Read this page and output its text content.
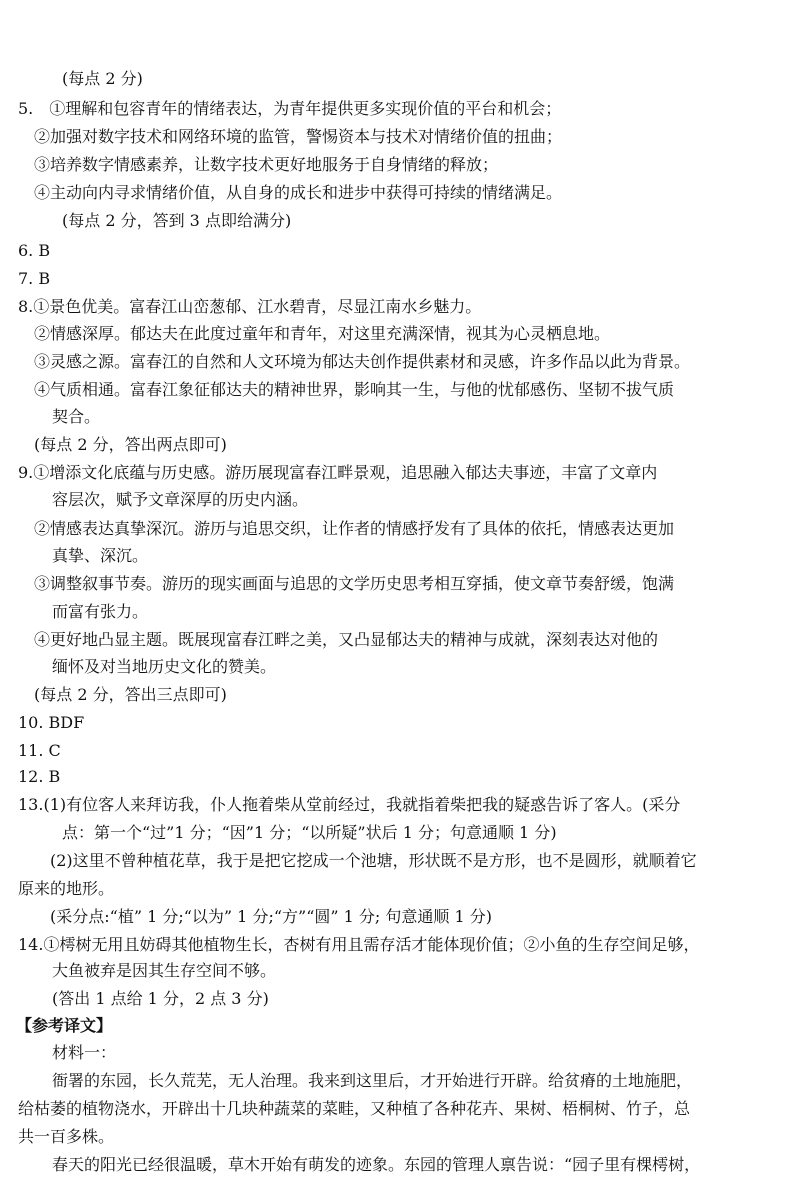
(每点 2 分)
5.　①理解和包容青年的情绪表达，为青年提供更多实现价值的平台和机会；
②加强对数字技术和网络环境的监管，警惕资本与技术对情绪价值的扭曲；
③培养数字情感素养，让数字技术更好地服务于自身情绪的释放；
④主动向内寻求情绪价值，从自身的成长和进步中获得可持续的情绪满足。
(每点 2 分，答到 3 点即给满分)
6. B
7. B
8.①景色优美。富春江山峦葱郁、江水碧青，尽显江南水乡魅力。
②情感深厚。郁达夫在此度过童年和青年，对这里充满深情，视其为心灵栖息地。
③灵感之源。富春江的自然和人文环境为郁达夫创作提供素材和灵感，许多作品以此为背景。
④气质相通。富春江象征郁达夫的精神世界，影响其一生，与他的忧郁感伤、坚韧不拔气质
契合。
(每点 2 分，答出两点即可)
9.①增添文化底蕴与历史感。游历展现富春江畔景观，追思融入郁达夫事迹，丰富了文章内
容层次，赋予文章深厚的历史内涵。
②情感表达真挚深沉。游历与追思交织，让作者的情感抒发有了具体的依托，情感表达更加
真挚、深沉。
③调整叙事节奏。游历的现实画面与追思的文学历史思考相互穿插，使文章节奏舒缓，饱满
而富有张力。
④更好地凸显主题。既展现富春江畔之美，又凸显郁达夫的精神与成就，深刻表达对他的
缅怀及对当地历史文化的赞美。
(每点 2 分，答出三点即可)
10. BDF
11. C
12. B
13.(1)有位客人来拜访我，仆人拖着柴从堂前经过，我就指着柴把我的疑惑告诉了客人。(采分
点：第一个“过”1 分；“因”1 分；“以所疑”状后 1 分；句意通顺 1 分)
(2)这里不曾种植花草，我于是把它挖成一个池塘，形状既不是方形，也不是圆形，就顺着它
原来的地形。
(采分点:“植” 1 分;“以为” 1 分;“方”“圆” 1 分; 句意通顺 1 分)
14.①樗树无用且妨碍其他植物生长，杏树有用且需存活才能体现价值；②小鱼的生存空间足够，
大鱼被弃是因其生存空间不够。
(答出 1 点给 1 分，2 点 3 分)
【参考译文】
材料一：
衙署的东园，长久荒芜，无人治理。我来到这里后，才开始进行开辟。给贫瘠的土地施肥，
给枯萎的植物浇水，开辟出十几块种蔬菜的菜畦，又种植了各种花卉、果树、梧桐树、竹子，总
共一百多株。
春天的阳光已经很温暖，草木开始有萌发的迹象。东园的管理人禀告说：“园子里有棵樗树，
